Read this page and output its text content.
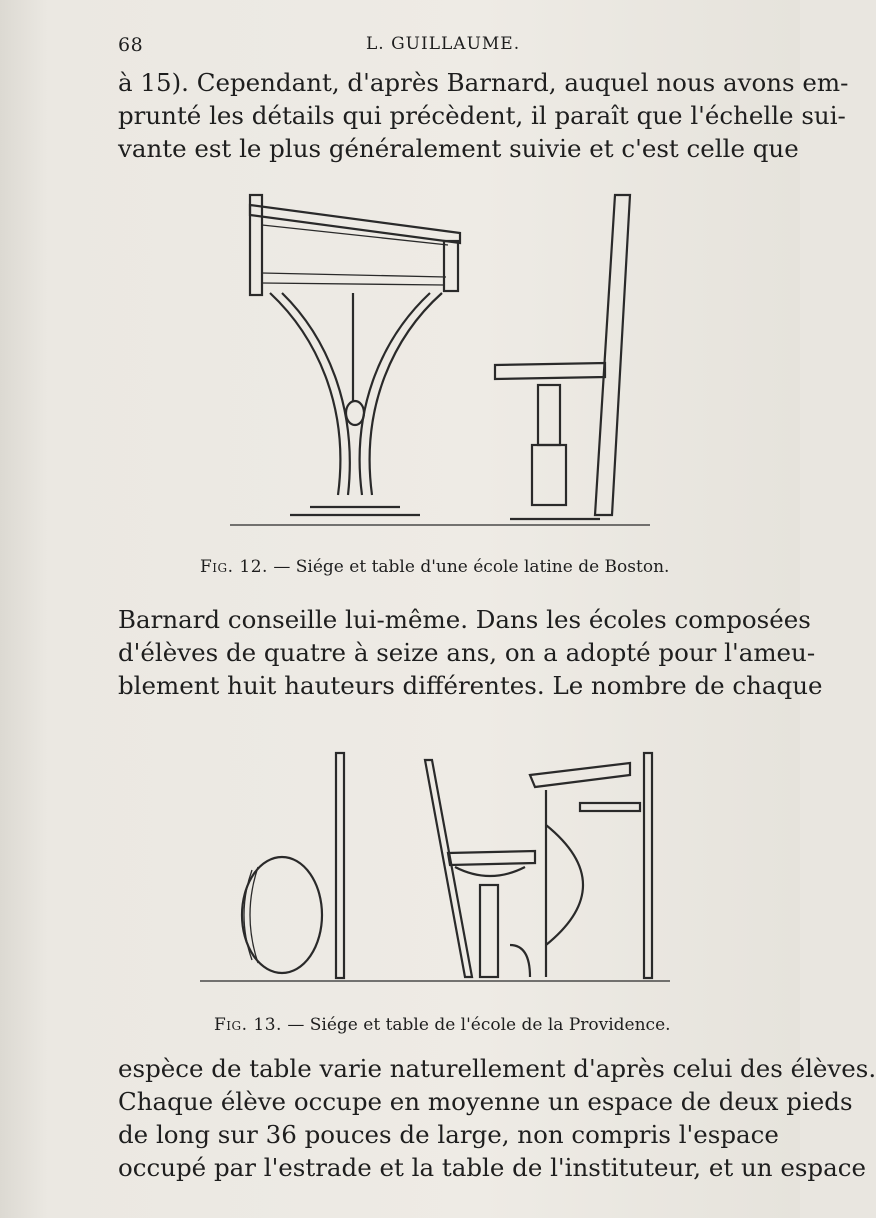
68	L. GUILLAUME.

à 15). Cependant, d'après Barnard, auquel nous avons em-
prunté les détails qui précèdent, il paraît que l'échelle sui-
vante est le plus généralement suivie et c'est celle que

Fig. 12. — Siége et table d'une école latine de Boston.

Barnard conseille lui-même. Dans les écoles composées
d'élèves de quatre à seize ans, on a adopté pour l'ameu-
blement huit hauteurs différentes. Le nombre de chaque

Fig. 13. — Siége et table de l'école de la Providence.

espèce de table varie naturellement d'après celui des élèves.
Chaque élève occupe en moyenne un espace de deux pieds
de long sur 36 pouces de large, non compris l'espace
occupé par l'estrade et la table de l'instituteur, et un espace
